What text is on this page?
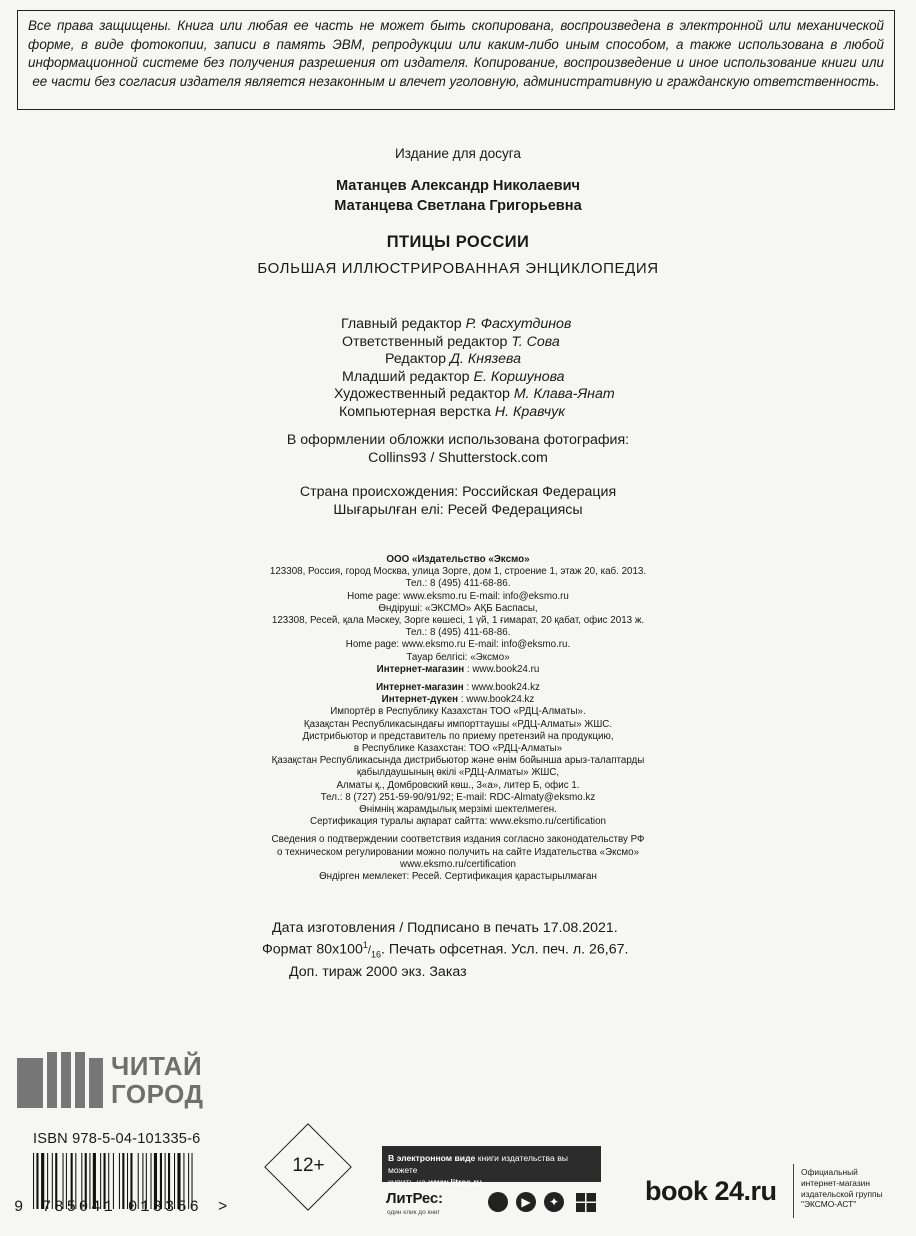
Все права защищены. Книга или любая ее часть не может быть скопирована, воспроизведена в электронной или механической форме, в виде фотокопии, записи в память ЭВМ, репродукции или каким-либо иным способом, а также использована в любой информационной системе без получения разрешения от издателя. Копирование, воспроизведение и иное использование книги или ее части без согласия издателя является незаконным и влечет уголовную, административную и гражданскую ответственность.
Издание для досуга
Матанцев Александр Николаевич
Матанцева Светлана Григорьевна
ПТИЦЫ РОССИИ
БОЛЬШАЯ ИЛЛЮСТРИРОВАННАЯ ЭНЦИКЛОПЕДИЯ
Главный редактор Р. Фасхутдинов
Ответственный редактор Т. Сова
Редактор Д. Князева
Младший редактор Е. Коршунова
Художественный редактор М. Клава-Янат
Компьютерная верстка Н. Кравчук
В оформлении обложки использована фотография:
Collins93 / Shutterstock.com
Страна происхождения: Российская Федерация
Шығарылған елі: Ресей Федерациясы
ООО «Издательство «Эксмо»
123308, Россия, город Москва, улица Зорге, дом 1, строение 1, этаж 20, каб. 2013.
Тел.: 8 (495) 411-68-86.
Home page: www.eksmo.ru E-mail: info@eksmo.ru
Өндіруші: «ЭКСМО» АҚБ Баспасы,
123308, Ресей, қала Мәскеу, Зорге көшесі, 1 үй, 1 ғимарат, 20 қабат, офис 2013 ж.
Тел.: 8 (495) 411-68-86.
Home page: www.eksmo.ru E-mail: info@eksmo.ru.
Тауар белгісі: «Эксмо»
Интернет-магазин : www.book24.ru
Интернет-магазин : www.book24.kz
Интернет-дүкен : www.book24.kz
Импортёр в Республику Казахстан ТОО «РДЦ-Алматы».
Қазақстан Республикасындағы импорттаушы «РДЦ-Алматы» ЖШС.
Дистрибьютор и представитель по приему претензий на продукцию,
в Республике Казахстан: ТОО «РДЦ-Алматы»
Қазақстан Республикасында дистрибьютор және өнім бойынша арыз-талаптарды
қабылдаушының өкілі «РДЦ-Алматы» ЖШС,
Алматы қ., Домбровский көш., 3«а», литер Б, офис 1.
Тел.: 8 (727) 251-59-90/91/92; E-mail: RDC-Almaty@eksmo.kz
Өнімнің жарамдылық мерзімі шектелмеген.
Сертификация туралы ақпарат сайтта: www.eksmo.ru/certification
Сведения о подтверждении соответствия издания согласно законодательству РФ
о техническом регулировании можно получить на сайте Издательства «Эксмо»
www.eksmo.ru/certification
Өндірген мемлекет: Ресей. Сертификация қарастырылмаған
Дата изготовления / Подписано в печать 17.08.2021.
Формат $80x100^1/_{16}$. Печать офсетная. Усл. печ. л. 26,67.
Доп. тираж 2000 экз. Заказ
ЧИТАЙ
ГОРОД
ISBN 978-5-04-101335-6
9 785041 013356 >
12+	В электронном виде книги издательства вы можете
купить на www.litres.ru
ЛитРес:
один клик до книг
▶	✦	book 24.ru
Официальный
интернет-магазин
издательской группы
"ЭКСМО-АСТ"
